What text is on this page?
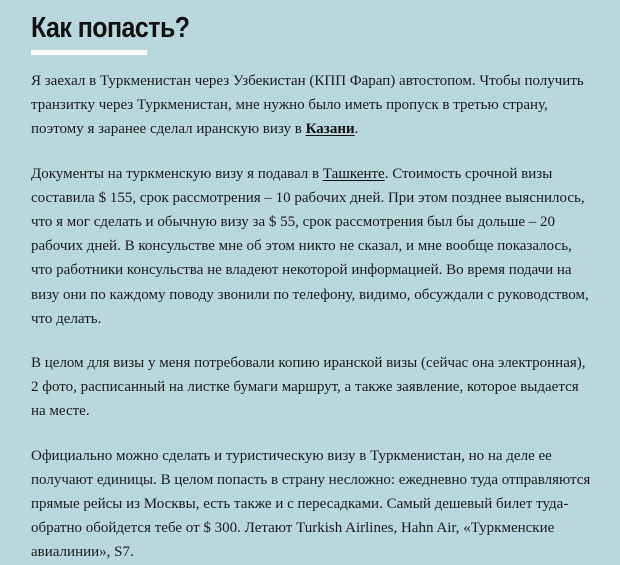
Как попасть?

Я заехал в Туркменистан через Узбекистан (КПП Фарап) автостопом. Чтобы получить транзитку через Туркменистан, мне нужно было иметь пропуск в третью страну, поэтому я заранее сделал иранскую визу в Казани.

Документы на туркменскую визу я подавал в Ташкенте. Стоимость срочной визы составила $ 155, срок рассмотрения – 10 рабочих дней. При этом позднее выяснилось, что я мог сделать и обычную визу за $ 55, срок рассмотрения был бы дольше – 20 рабочих дней. В консульстве мне об этом никто не сказал, и мне вообще показалось, что работники консульства не владеют некоторой информацией. Во время подачи на визу они по каждому поводу звонили по телефону, видимо, обсуждали с руководством, что делать.

В целом для визы у меня потребовали копию иранской визы (сейчас она электронная), 2 фото, расписанный на листке бумаги маршрут, а также заявление, которое выдается на месте.

Официально можно сделать и туристическую визу в Туркменистан, но на деле ее получают единицы. В целом попасть в страну несложно: ежедневно туда отправляются прямые рейсы из Москвы, есть также и с пересадками. Самый дешевый билет туда-обратно обойдется тебе от $ 300. Летают Turkish Airlines, Hahn Air, «Туркменские авиалинии», S7.
